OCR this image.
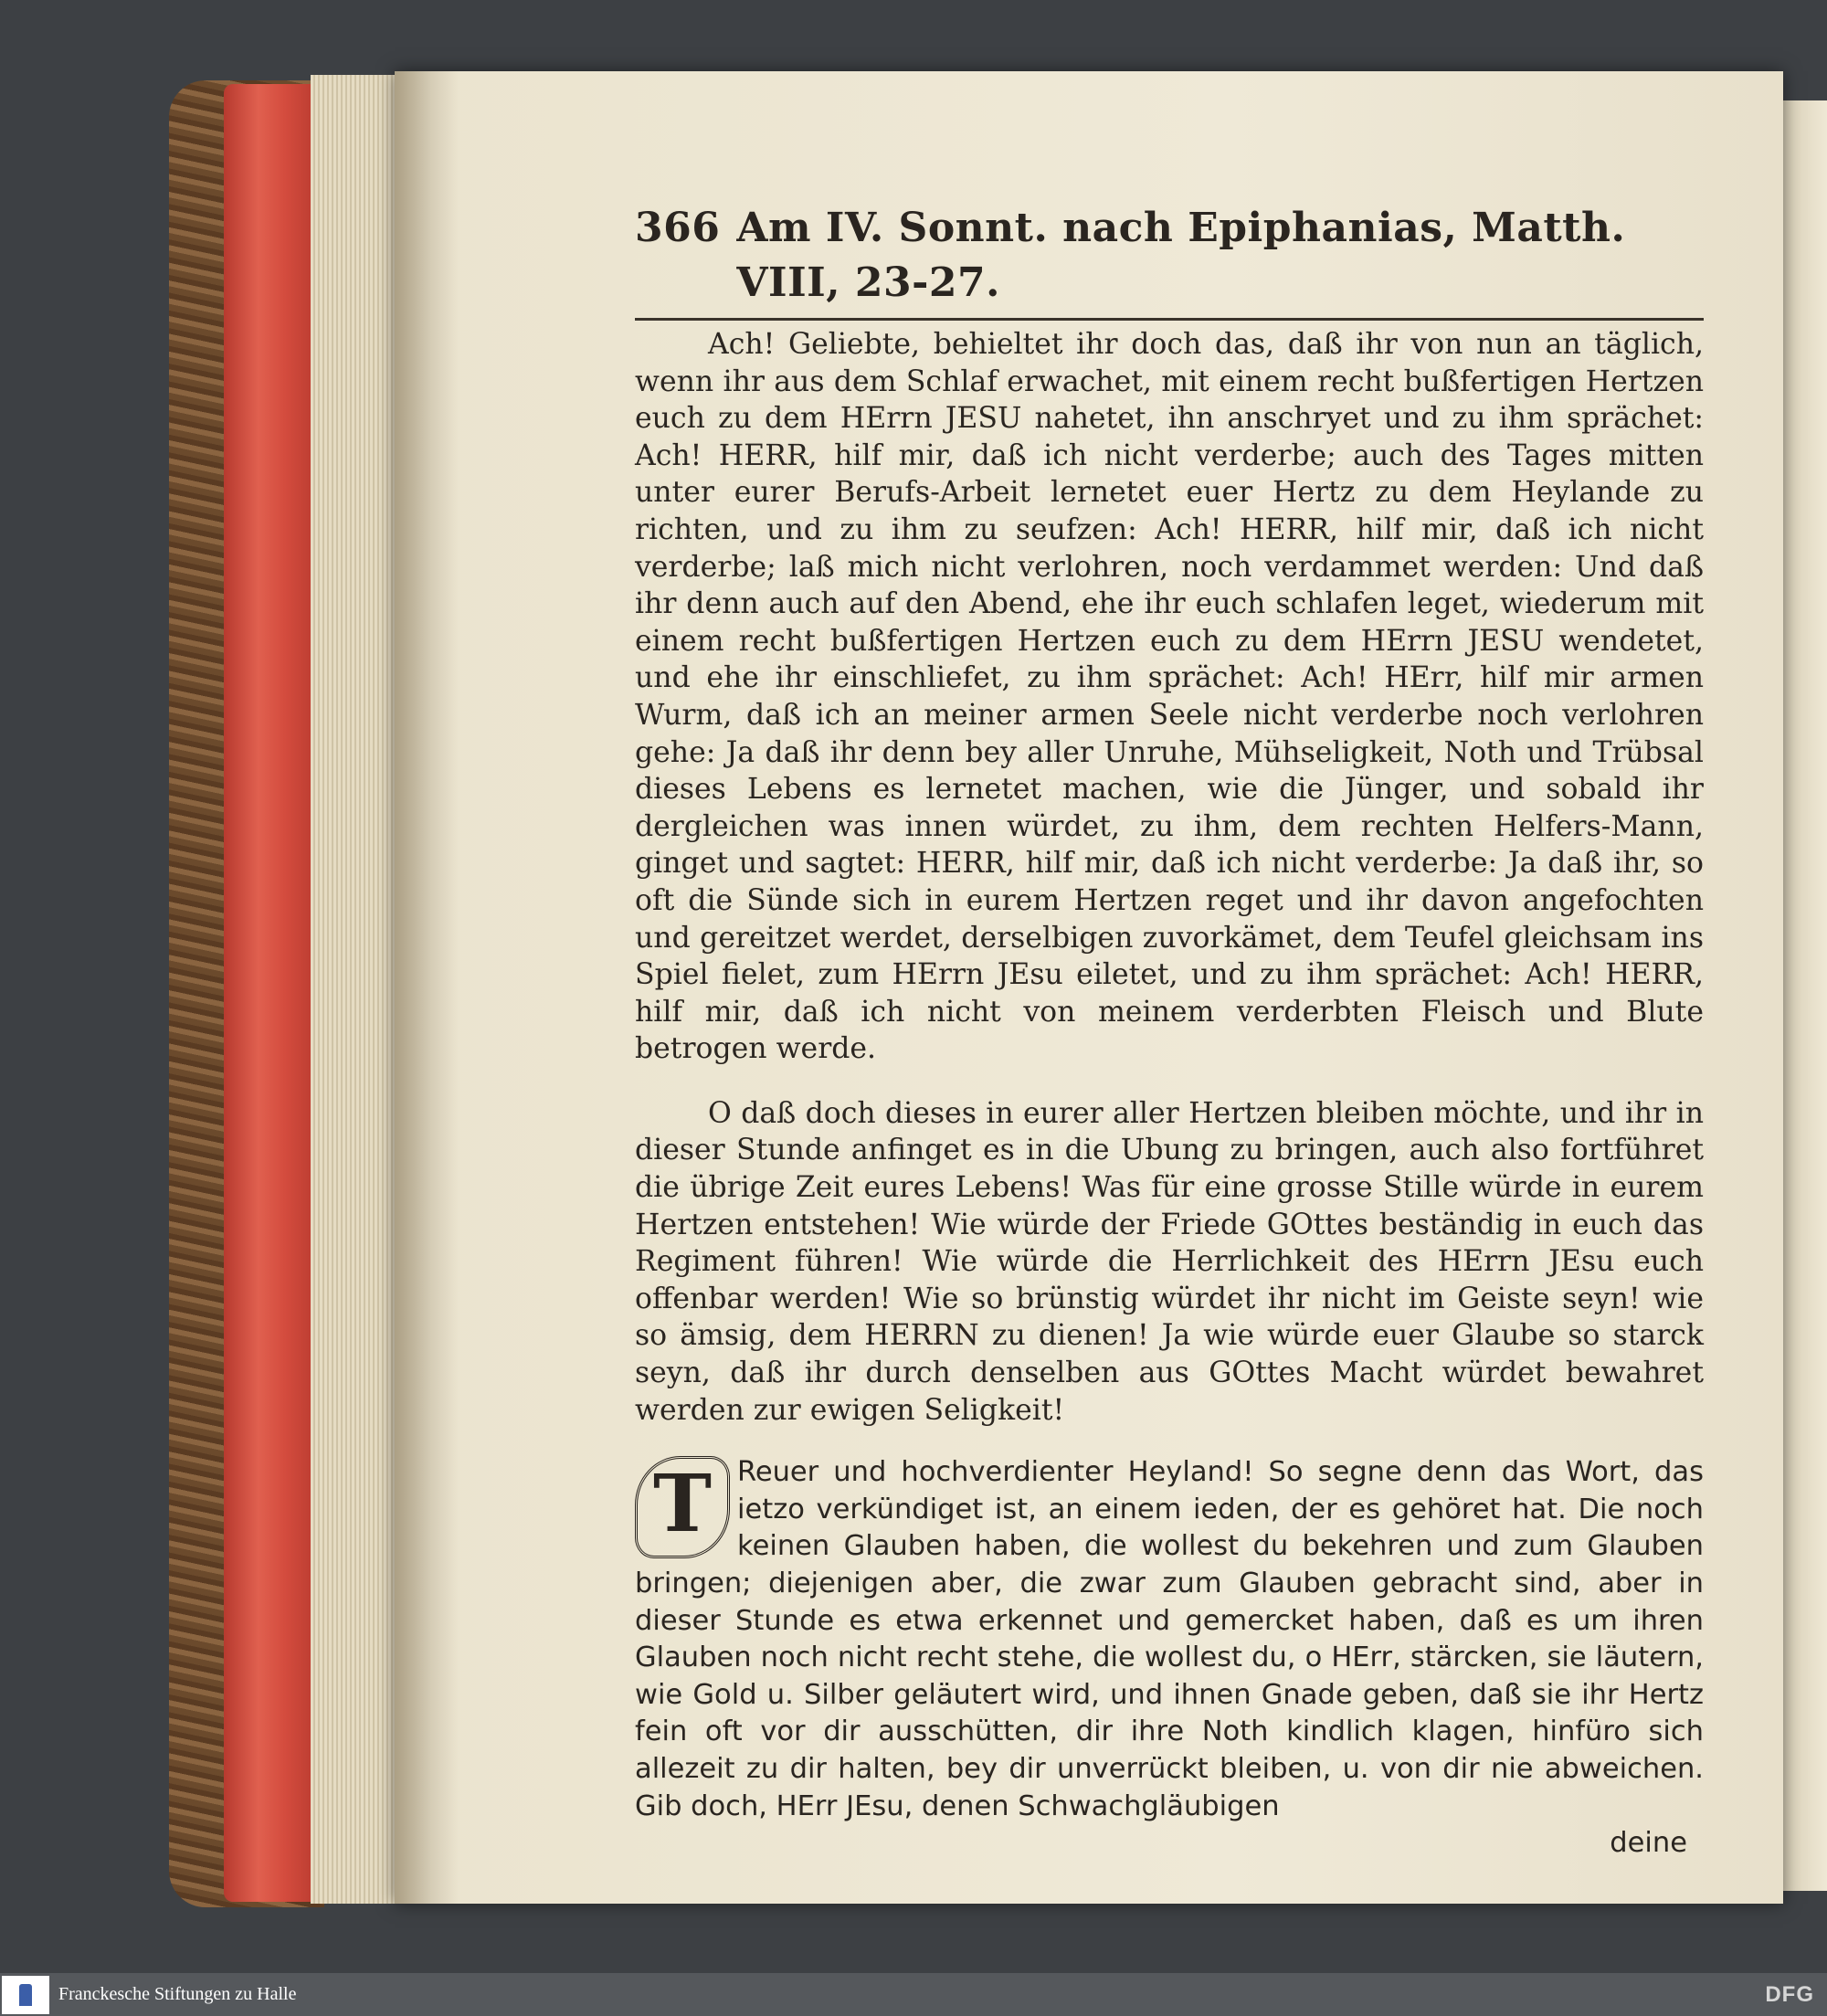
366 Am IV. Sonnt. nach Epiphanias, Matth. VIII, 23-27.

Ach! Geliebte, behieltet ihr doch das, daß ihr von nun an täglich, wenn ihr aus dem Schlaf erwachet, mit einem recht bußfertigen Hertzen euch zu dem HErrn JESU nahetet, ihn anschryet und zu ihm sprächet: Ach! HERR, hilf mir, daß ich nicht verderbe; auch des Tages mitten unter eurer Berufs-Arbeit lernetet euer Hertz zu dem Heylande zu richten, und zu ihm zu seufzen: Ach! HERR, hilf mir, daß ich nicht verderbe; laß mich nicht verlohren, noch verdammet werden: Und daß ihr denn auch auf den Abend, ehe ihr euch schlafen leget, wiederum mit einem recht bußfertigen Hertzen euch zu dem HErrn JESU wendetet, und ehe ihr einschliefet, zu ihm sprächet: Ach! HErr, hilf mir armen Wurm, daß ich an meiner armen Seele nicht verderbe noch verlohren gehe: Ja daß ihr denn bey aller Unruhe, Mühseligkeit, Noth und Trübsal dieses Lebens es lernetet machen, wie die Jünger, und sobald ihr dergleichen was innen würdet, zu ihm, dem rechten Helfers-Mann, ginget und sagtet: HERR, hilf mir, daß ich nicht verderbe: Ja daß ihr, so oft die Sünde sich in eurem Hertzen reget und ihr davon angefochten und gereitzet werdet, derselbigen zuvorkämet, dem Teufel gleichsam ins Spiel fielet, zum HErrn JEsu eiletet, und zu ihm sprächet: Ach! HERR, hilf mir, daß ich nicht von meinem verderbten Fleisch und Blute betrogen werde.

O daß doch dieses in eurer aller Hertzen bleiben möchte, und ihr in dieser Stunde anfinget es in die Ubung zu bringen, auch also fortführet die übrige Zeit eures Lebens! Was für eine grosse Stille würde in eurem Hertzen entstehen! Wie würde der Friede GOttes beständig in euch das Regiment führen! Wie würde die Herrlichkeit des HErrn JEsu euch offenbar werden! Wie so brünstig würdet ihr nicht im Geiste seyn! wie so ämsig, dem HERRN zu dienen! Ja wie würde euer Glaube so starck seyn, daß ihr durch denselben aus GOttes Macht würdet bewahret werden zur ewigen Seligkeit!

T Reuer und hochverdienter Heyland! So segne denn das Wort, das ietzo verkündiget ist, an einem ieden, der es gehöret hat. Die noch keinen Glauben haben, die wollest du bekehren und zum Glauben bringen; diejenigen aber, die zwar zum Glauben gebracht sind, aber in dieser Stunde es etwa erkennet und gemercket haben, daß es um ihren Glauben noch nicht recht stehe, die wollest du, o HErr, stärcken, sie läutern, wie Gold u. Silber geläutert wird, und ihnen Gnade geben, daß sie ihr Hertz fein oft vor dir ausschütten, dir ihre Noth kindlich klagen, hinfüro sich allezeit zu dir halten, bey dir unverrückt bleiben, u. von dir nie abweichen. Gib doch, HErr JEsu, denen Schwachgläubigen
deine
Franckesche Stiftungen zu Halle	DFG
